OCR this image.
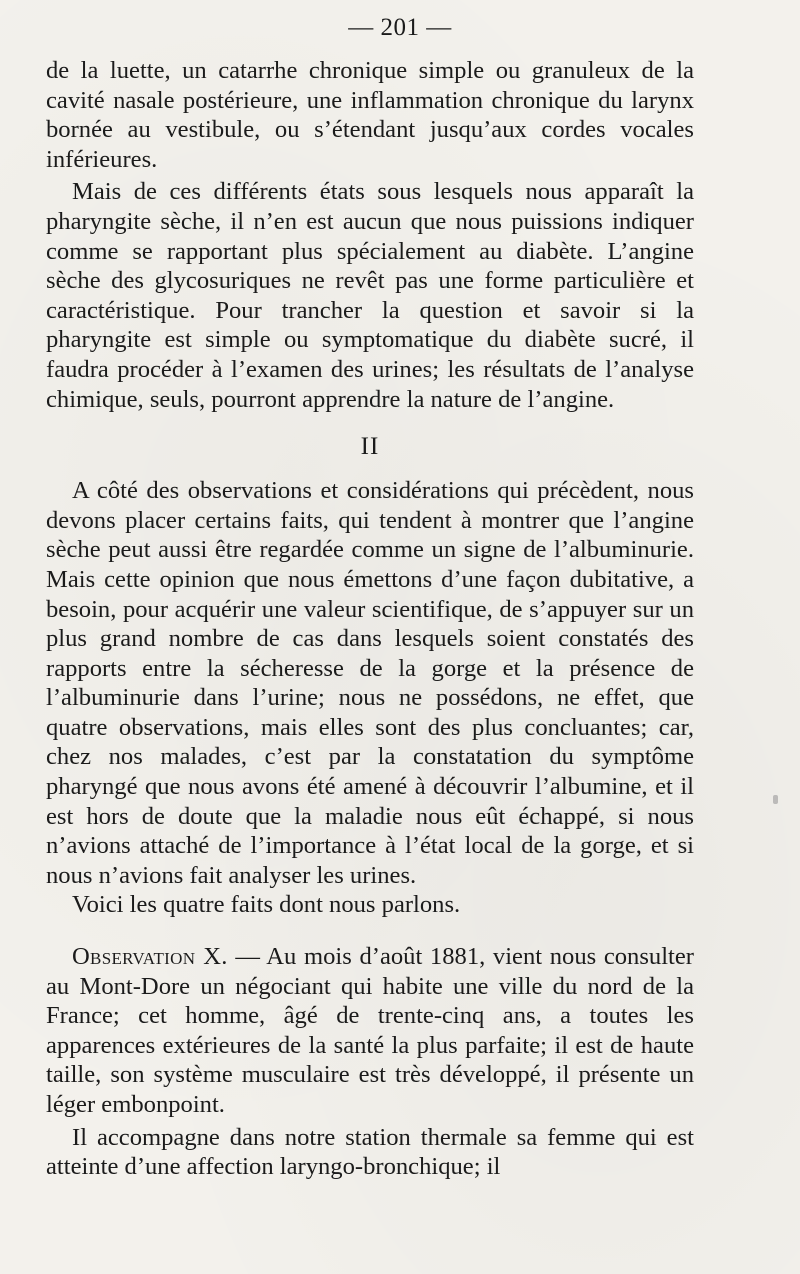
— 201 —

de la luette, un catarrhe chronique simple ou granuleux de la cavité nasale postérieure, une inflammation chronique du larynx bornée au vestibule, ou s’étendant jusqu’aux cordes vocales inférieures.

Mais de ces différents états sous lesquels nous apparaît la pharyngite sèche, il n’en est aucun que nous puissions indiquer comme se rapportant plus spécialement au diabète. L’angine sèche des glycosuriques ne revêt pas une forme particulière et caractéristique. Pour trancher la question et savoir si la pharyngite est simple ou symptomatique du diabète sucré, il faudra procéder à l’examen des urines; les résultats de l’analyse chimique, seuls, pourront apprendre la nature de l’angine.

II

A côté des observations et considérations qui précèdent, nous devons placer certains faits, qui tendent à montrer que l’angine sèche peut aussi être regardée comme un signe de l’albuminurie. Mais cette opinion que nous émettons d’une façon dubitative, a besoin, pour acquérir une valeur scientifique, de s’appuyer sur un plus grand nombre de cas dans lesquels soient constatés des rapports entre la sécheresse de la gorge et la présence de l’albuminurie dans l’urine; nous ne possédons, ne effet, que quatre observations, mais elles sont des plus concluantes; car, chez nos malades, c’est par la constatation du symptôme pharyngé que nous avons été amené à découvrir l’albumine, et il est hors de doute que la maladie nous eût échappé, si nous n’avions attaché de l’importance à l’état local de la gorge, et si nous n’avions fait analyser les urines.

Voici les quatre faits dont nous parlons.

Observation X. — Au mois d’août 1881, vient nous consulter au Mont-Dore un négociant qui habite une ville du nord de la France; cet homme, âgé de trente-cinq ans, a toutes les apparences extérieures de la santé la plus parfaite; il est de haute taille, son système musculaire est très développé, il présente un léger embonpoint.

Il accompagne dans notre station thermale sa femme qui est atteinte d’une affection laryngo-bronchique; il
